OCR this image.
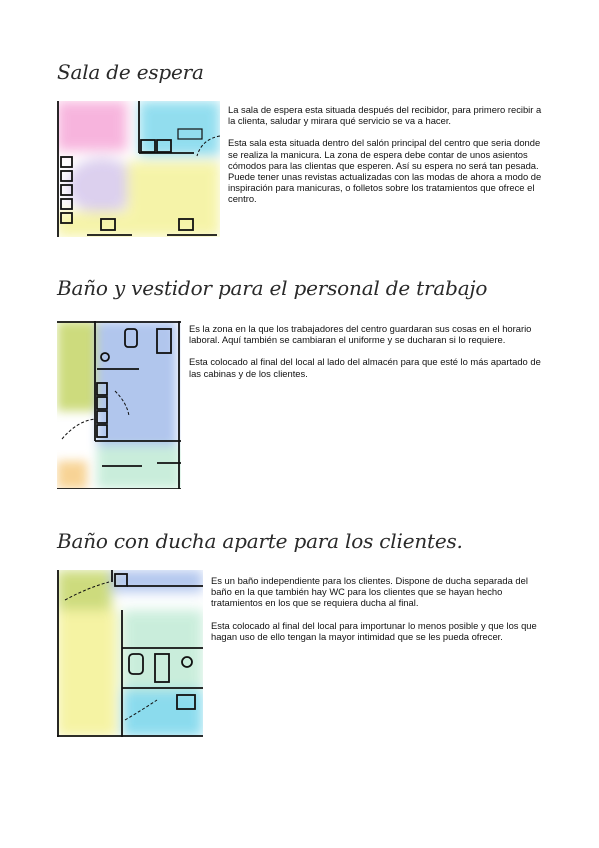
Sala de espera

La sala de espera esta situada después del recibidor, para primero recibir a la clienta, saludar y mirara qué servicio se va a hacer.

Esta sala esta situada dentro del salón principal del centro que seria donde se realiza la manicura. La zona de espera debe contar de unos asientos cómodos para las clientas que esperen. Así su espera no será tan pesada. Puede tener unas revistas actualizadas con las modas de ahora a modo de inspiración para manicuras, o folletos sobre los tratamientos que ofrece el centro.

Baño y vestidor para el personal de trabajo

Es la zona en la que los trabajadores del centro guardaran sus cosas en el horario laboral. Aquí también se cambiaran el uniforme y se ducharan si lo requiere.

Esta colocado al final del local al lado del almacén para que esté lo más apartado de las cabinas y de los clientes.

Baño con ducha aparte para los clientes.

Es un baño independiente para los clientes. Dispone de ducha separada del baño en la que también hay WC para los clientes que se hayan hecho tratamientos en los que se requiera ducha al final.

Esta colocado al final del local para importunar lo menos posible y que los que hagan uso de ello tengan la mayor intimidad que se les pueda ofrecer.
